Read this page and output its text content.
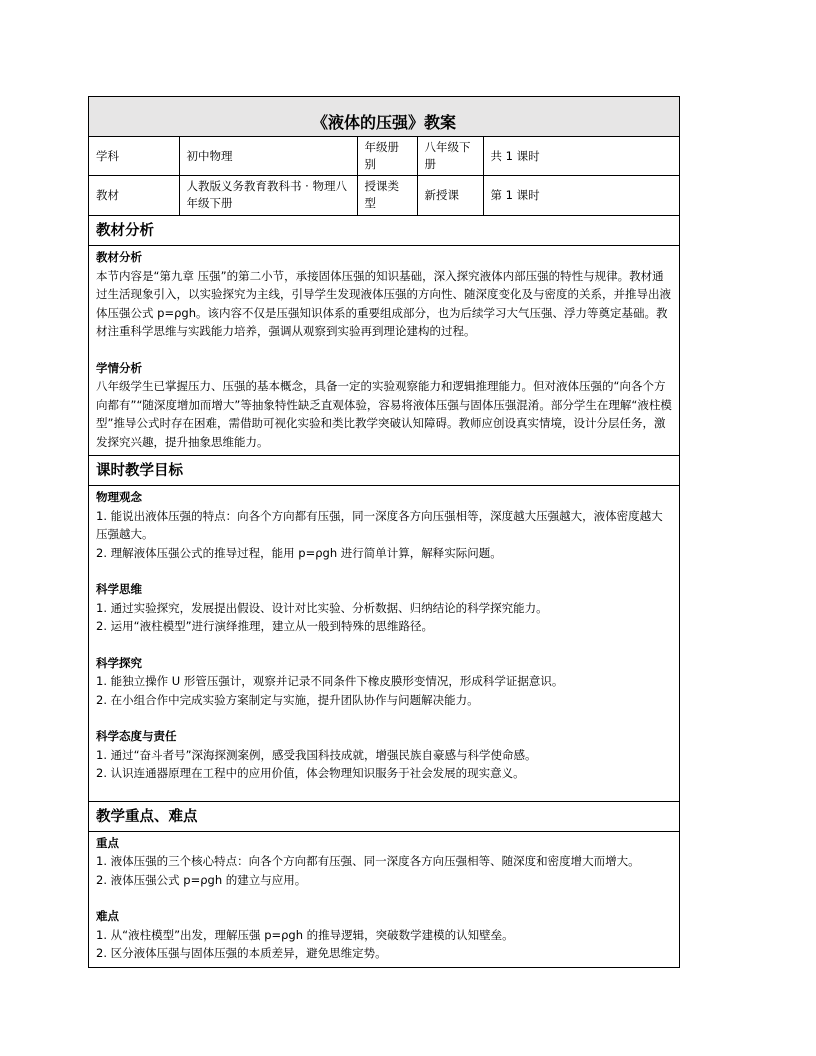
《液体的压强》教案
学科	初中物理	年级册别	八年级下册	共 1 课时
教材	人教版义务教育教科书 · 物理八年级下册	授课类型	新授课	第 1 课时
教材分析

教材分析

本节内容是“第九章 压强”的第二小节，承接固体压强的知识基础，深入探究液体内部压强的特性与规律。教材通过生活现象引入，以实验探究为主线，引导学生发现液体压强的方向性、随深度变化及与密度的关系，并推导出液体压强公式 p=ρgh。该内容不仅是压强知识体系的重要组成部分，也为后续学习大气压强、浮力等奠定基础。教材注重科学思维与实践能力培养，强调从观察到实验再到理论建构的过程。

学情分析

八年级学生已掌握压力、压强的基本概念，具备一定的实验观察能力和逻辑推理能力。但对液体压强的“向各个方向都有”“随深度增加而增大”等抽象特性缺乏直观体验，容易将液体压强与固体压强混淆。部分学生在理解“液柱模型”推导公式时存在困难，需借助可视化实验和类比教学突破认知障碍。教师应创设真实情境，设计分层任务，激发探究兴趣，提升抽象思维能力。

课时教学目标

物理观念

1. 能说出液体压强的特点：向各个方向都有压强，同一深度各方向压强相等，深度越大压强越大，液体密度越大压强越大。

2. 理解液体压强公式的推导过程，能用 p=ρgh 进行简单计算，解释实际问题。

科学思维

1. 通过实验探究，发展提出假设、设计对比实验、分析数据、归纳结论的科学探究能力。

2. 运用“液柱模型”进行演绎推理，建立从一般到特殊的思维路径。

科学探究

1. 能独立操作 U 形管压强计，观察并记录不同条件下橡皮膜形变情况，形成科学证据意识。

2. 在小组合作中完成实验方案制定与实施，提升团队协作与问题解决能力。

科学态度与责任

1. 通过“奋斗者号”深海探测案例，感受我国科技成就，增强民族自豪感与科学使命感。

2. 认识连通器原理在工程中的应用价值，体会物理知识服务于社会发展的现实意义。

教学重点、难点

重点

1. 液体压强的三个核心特点：向各个方向都有压强、同一深度各方向压强相等、随深度和密度增大而增大。

2. 液体压强公式 p=ρgh 的建立与应用。

难点

1. 从“液柱模型”出发，理解压强 p=ρgh 的推导逻辑，突破数学建模的认知壁垒。

2. 区分液体压强与固体压强的本质差异，避免思维定势。
